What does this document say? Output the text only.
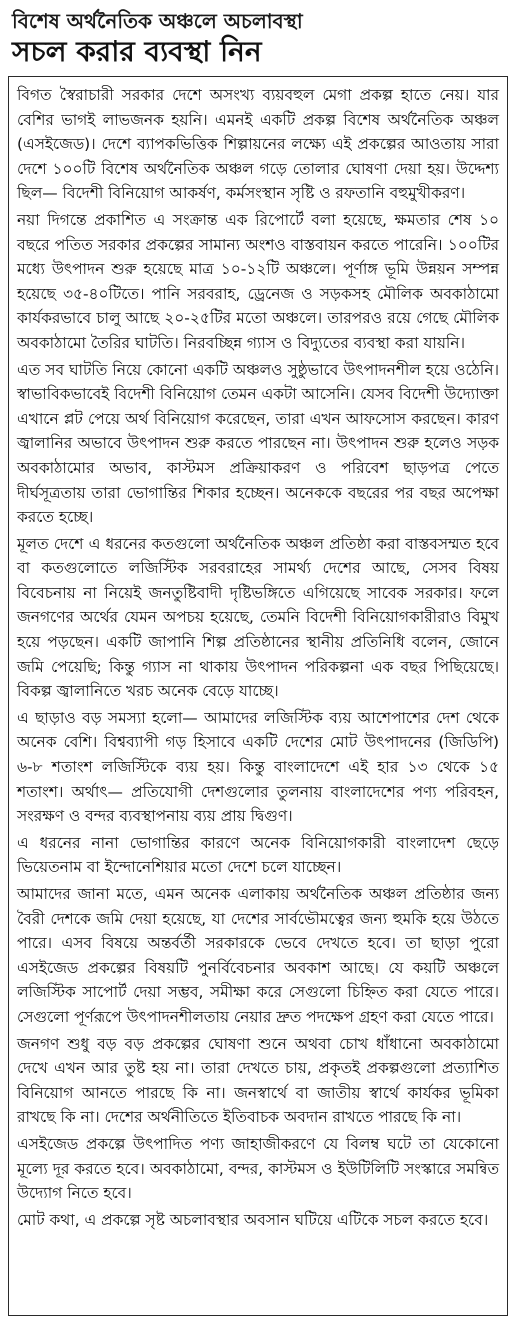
বিশেষ অর্থনৈতিক অঞ্চলে অচলাবস্থা
সচল করার ব্যবস্থা নিন

বিগত স্বৈরাচারী সরকার দেশে অসংখ্য ব্যয়বহুল মেগা প্রকল্প হাতে নেয়। যার বেশির ভাগই লাভজনক হয়নি। এমনই একটি প্রকল্প বিশেষ অর্থনৈতিক অঞ্চল (এসইজেড)। দেশে ব্যাপকভিত্তিক শিল্পায়নের লক্ষ্যে এই প্রকল্পের আওতায় সারা দেশে ১০০টি বিশেষ অর্থনৈতিক অঞ্চল গড়ে তোলার ঘোষণা দেয়া হয়। উদ্দেশ্য ছিল— বিদেশী বিনিয়োগ আকর্ষণ, কর্মসংস্থান সৃষ্টি ও রফতানি বহুমুখীকরণ।

নয়া দিগন্তে প্রকাশিত এ সংক্রান্ত এক রিপোর্টে বলা হয়েছে, ক্ষমতার শেষ ১০ বছরে পতিত সরকার প্রকল্পের সামান্য অংশও বাস্তবায়ন করতে পারেনি। ১০০টির মধ্যে উৎপাদন শুরু হয়েছে মাত্র ১০-১২টি অঞ্চলে। পূর্ণাঙ্গ ভূমি উন্নয়ন সম্পন্ন হয়েছে ৩৫-৪০টিতে। পানি সরবরাহ, ড্রেনেজ ও সড়কসহ মৌলিক অবকাঠামো কার্যকরভাবে চালু আছে ২০-২৫টির মতো অঞ্চলে। তারপরও রয়ে গেছে মৌলিক অবকাঠামো তৈরির ঘাটতি। নিরবচ্ছিন্ন গ্যাস ও বিদ্যুতের ব্যবস্থা করা যায়নি।

এত সব ঘাটতি নিয়ে কোনো একটি অঞ্চলও সুষ্ঠুভাবে উৎপাদনশীল হয়ে ওঠেনি। স্বাভাবিকভাবেই বিদেশী বিনিয়োগ তেমন একটা আসেনি। যেসব বিদেশী উদ্যোক্তা এখানে প্লট পেয়ে অর্থ বিনিয়োগ করেছেন, তারা এখন আফসোস করছেন। কারণ জ্বালানির অভাবে উৎপাদন শুরু করতে পারছেন না। উৎপাদন শুরু হলেও সড়ক অবকাঠামোর অভাব, কাস্টমস প্রক্রিয়াকরণ ও পরিবেশ ছাড়পত্র পেতে দীর্ঘসূত্রতায় তারা ভোগান্তির শিকার হচ্ছেন। অনেককে বছরের পর বছর অপেক্ষা করতে হচ্ছে।

মূলত দেশে এ ধরনের কতগুলো অর্থনৈতিক অঞ্চল প্রতিষ্ঠা করা বাস্তবসম্মত হবে বা কতগুলোতে লজিস্টিক সরবরাহের সামর্থ্য দেশের আছে, সেসব বিষয় বিবেচনায় না নিয়েই জনতুষ্টিবাদী দৃষ্টিভঙ্গিতে এগিয়েছে সাবেক সরকার। ফলে জনগণের অর্থের যেমন অপচয় হয়েছে, তেমনি বিদেশী বিনিয়োগকারীরাও বিমুখ হয়ে পড়ছেন। একটি জাপানি শিল্প প্রতিষ্ঠানের স্থানীয় প্রতিনিধি বলেন, জোনে জমি পেয়েছি; কিন্তু গ্যাস না থাকায় উৎপাদন পরিকল্পনা এক বছর পিছিয়েছে। বিকল্প জ্বালানিতে খরচ অনেক বেড়ে যাচ্ছে।

এ ছাড়াও বড় সমস্যা হলো— আমাদের লজিস্টিক ব্যয় আশেপাশের দেশ থেকে অনেক বেশি। বিশ্বব্যাপী গড় হিসাবে একটি দেশের মোট উৎপাদনের (জিডিপি) ৬-৮ শতাংশ লজিস্টিকে ব্যয় হয়। কিন্তু বাংলাদেশে এই হার ১৩ থেকে ১৫ শতাংশ। অর্থাৎ— প্রতিযোগী দেশগুলোর তুলনায় বাংলাদেশের পণ্য পরিবহন, সংরক্ষণ ও বন্দর ব্যবস্থাপনায় ব্যয় প্রায় দ্বিগুণ।

এ ধরনের নানা ভোগান্তির কারণে অনেক বিনিয়োগকারী বাংলাদেশ ছেড়ে ভিয়েতনাম বা ইন্দোনেশিয়ার মতো দেশে চলে যাচ্ছেন।

আমাদের জানা মতে, এমন অনেক এলাকায় অর্থনৈতিক অঞ্চল প্রতিষ্ঠার জন্য বৈরী দেশকে জমি দেয়া হয়েছে, যা দেশের সার্বভৌমত্বের জন্য হুমকি হয়ে উঠতে পারে। এসব বিষয়ে অন্তর্বর্তী সরকারকে ভেবে দেখতে হবে। তা ছাড়া পুরো এসইজেড প্রকল্পের বিষয়টি পুনর্বিবেচনার অবকাশ আছে। যে কয়টি অঞ্চলে লজিস্টিক সাপোর্ট দেয়া সম্ভব, সমীক্ষা করে সেগুলো চিহ্নিত করা যেতে পারে। সেগুলো পূর্ণরূপে উৎপাদনশীলতায় নেয়ার দ্রুত পদক্ষেপ গ্রহণ করা যেতে পারে।

জনগণ শুধু বড় বড় প্রকল্পের ঘোষণা শুনে অথবা চোখ ধাঁধানো অবকাঠামো দেখে এখন আর তুষ্ট হয় না। তারা দেখতে চায়, প্রকৃতই প্রকল্পগুলো প্রত্যাশিত বিনিয়োগ আনতে পারছে কি না। জনস্বার্থে বা জাতীয় স্বার্থে কার্যকর ভূমিকা রাখছে কি না। দেশের অর্থনীতিতে ইতিবাচক অবদান রাখতে পারছে কি না।

এসইজেড প্রকল্পে উৎপাদিত পণ্য জাহাজীকরণে যে বিলম্ব ঘটে তা যেকোনো মূল্যে দূর করতে হবে। অবকাঠামো, বন্দর, কাস্টমস ও ইউটিলিটি সংস্কারে সমন্বিত উদ্যোগ নিতে হবে।

মোট কথা, এ প্রকল্পে সৃষ্ট অচলাবস্থার অবসান ঘটিয়ে এটিকে সচল করতে হবে।
